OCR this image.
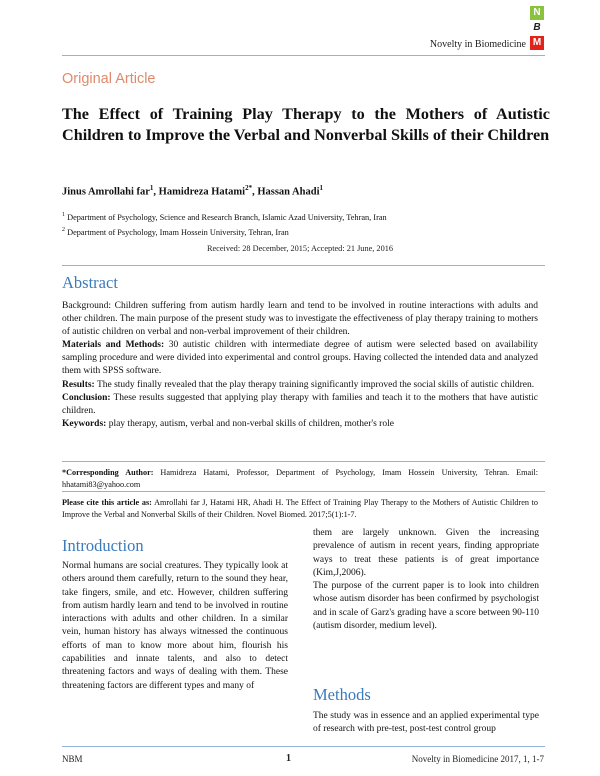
N
B
M
Novelty in Biomedicine
Original Article
The Effect of Training Play Therapy to the Mothers of Autistic Children to Improve the Verbal and Nonverbal Skills of their Children
Jinus Amrollahi far$^1$, Hamidreza Hatami$^{2*}$, Hassan Ahadi$^1$
$^1$ Department of Psychology, Science and Research Branch, Islamic Azad University, Tehran, Iran
$^2$ Department of Psychology, Imam Hossein University, Tehran, Iran
Received: 28 December, 2015; Accepted: 21 June, 2016
Abstract

Background: Children suffering from autism hardly learn and tend to be involved in routine interactions with adults and other children. The main purpose of the present study was to investigate the effectiveness of play therapy training to mothers of autistic children on verbal and non-verbal improvement of their children.

Materials and Methods: 30 autistic children with intermediate degree of autism were selected based on availability sampling procedure and were divided into experimental and control groups. Having collected the intended data and analyzed them with SPSS software.

Results: The study finally revealed that the play therapy training significantly improved the social skills of autistic children.

Conclusion: These results suggested that applying play therapy with families and teach it to the mothers that have autistic children.

Keywords: play therapy, autism, verbal and non-verbal skills of children, mother's role

*Corresponding Author: Hamidreza Hatami, Professor, Department of Psychology, Imam Hossein University, Tehran. Email: hhatami83@yahoo.com
Please cite this article as: Amrollahi far J, Hatami HR, Ahadi H. The Effect of Training Play Therapy to the Mothers of Autistic Children to Improve the Verbal and Nonverbal Skills of their Children. Novel Biomed. 2017;5(1):1-7.
Introduction

Normal humans are social creatures. They typically look at others around them carefully, return to the sound they hear, take fingers, smile, and etc. However, children suffering from autism hardly learn and tend to be involved in routine interactions with adults and other children. In a similar vein, human history has always witnessed the continuous efforts of man to know more about him, flourish his capabilities and innate talents, and also to detect threatening factors and ways of dealing with them. These threatening factors are different types and many of

them are largely unknown. Given the increasing prevalence of autism in recent years, finding appropriate ways to treat these patients is of great importance (Kim,J,2006).

The purpose of the current paper is to look into children whose autism disorder has been confirmed by psychologist and in scale of Garz's grading have a score between 90-110 (autism disorder, medium level).

Methods

The study was in essence and an applied experimental type of research with pre-test, post-test control group

NBM	1	Novelty in Biomedicine 2017, 1, 1-7
